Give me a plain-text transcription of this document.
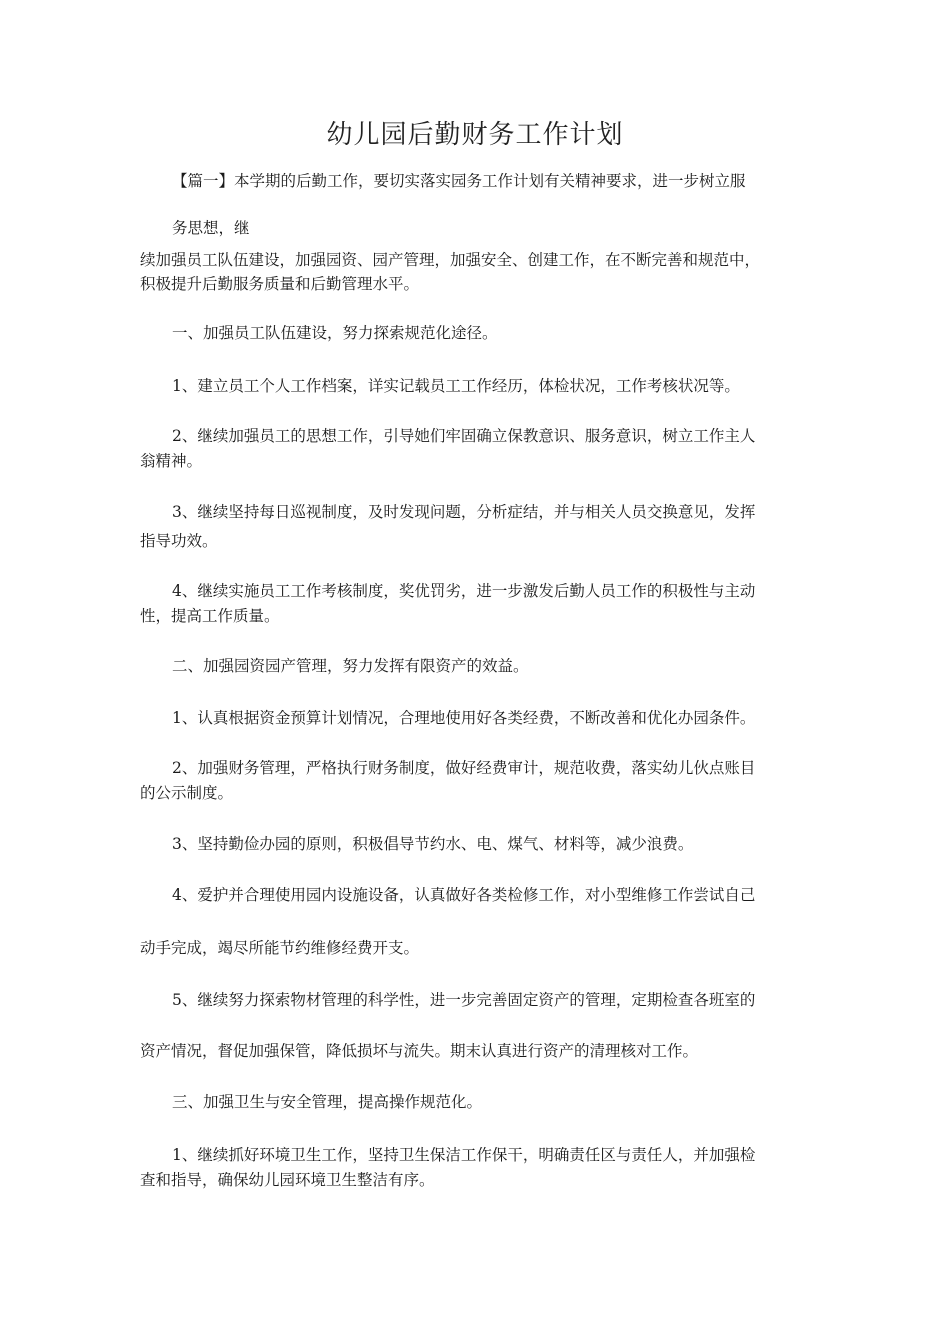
幼儿园后勤财务工作计划
【篇一】本学期的后勤工作，要切实落实园务工作计划有关精神要求，进一步树立服
务思想，继
续加强员工队伍建设，加强园资、园产管理，加强安全、创建工作，在不断完善和规范中，
积极提升后勤服务质量和后勤管理水平。
一、加强员工队伍建设，努力探索规范化途径。
1、建立员工个人工作档案，详实记载员工工作经历，体检状况，工作考核状况等。
2、继续加强员工的思想工作，引导她们牢固确立保教意识、服务意识，树立工作主人
翁精神。
3、继续坚持每日巡视制度，及时发现问题，分析症结，并与相关人员交换意见，发挥
指导功效。
4、继续实施员工工作考核制度，奖优罚劣，进一步激发后勤人员工作的积极性与主动
性，提高工作质量。
二、加强园资园产管理，努力发挥有限资产的效益。
1、认真根据资金预算计划情况，合理地使用好各类经费，不断改善和优化办园条件。
2、加强财务管理，严格执行财务制度，做好经费审计，规范收费，落实幼儿伙点账目
的公示制度。
3、坚持勤俭办园的原则，积极倡导节约水、电、煤气、材料等，减少浪费。
4、爱护并合理使用园内设施设备，认真做好各类检修工作，对小型维修工作尝试自己
动手完成，竭尽所能节约维修经费开支。
5、继续努力探索物材管理的科学性，进一步完善固定资产的管理，定期检查各班室的
资产情况，督促加强保管，降低损坏与流失。期末认真进行资产的清理核对工作。
三、加强卫生与安全管理，提高操作规范化。
1、继续抓好环境卫生工作，坚持卫生保洁工作保干，明确责任区与责任人，并加强检
查和指导，确保幼儿园环境卫生整洁有序。
